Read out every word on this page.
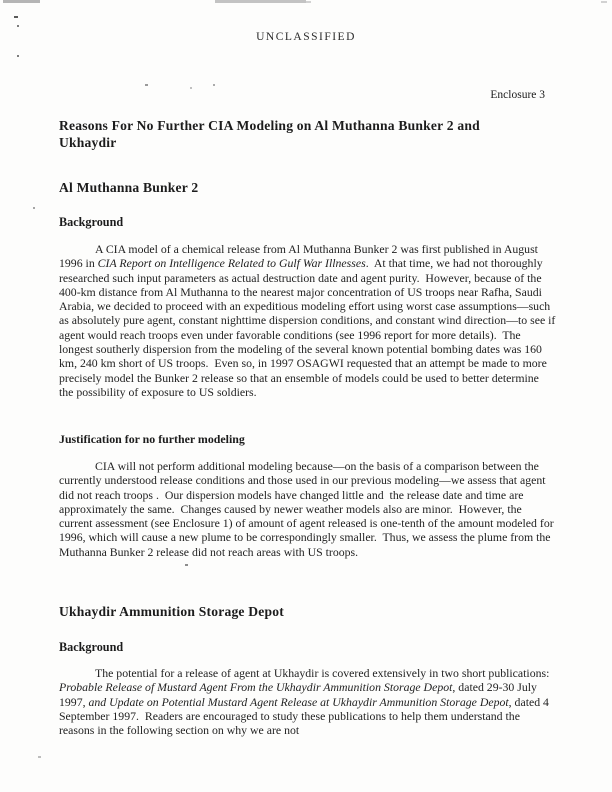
UNCLASSIFIED
Enclosure 3
Reasons For No Further CIA Modeling on Al Muthanna Bunker 2 and Ukhaydir
Al Muthanna Bunker 2
Background

A CIA model of a chemical release from Al Muthanna Bunker 2 was first published in August 1996 in CIA Report on Intelligence Related to Gulf War Illnesses.  At that time, we had not thoroughly researched such input parameters as actual destruction date and agent purity.  However, because of the 400-km distance from Al Muthanna to the nearest major concentration of US troops near Rafha, Saudi Arabia, we decided to proceed with an expeditious modeling effort using worst case assumptions—such as absolutely pure agent, constant nighttime dispersion conditions, and constant wind direction—to see if agent would reach troops even under favorable conditions (see 1996 report for more details).  The longest southerly dispersion from the modeling of the several known potential bombing dates was 160 km, 240 km short of US troops.  Even so, in 1997 OSAGWI requested that an attempt be made to more precisely model the Bunker 2 release so that an ensemble of models could be used to better determine the possibility of exposure to US soldiers.

Justification for no further modeling

CIA will not perform additional modeling because—on the basis of a comparison between the currently understood release conditions and those used in our previous modeling—we assess that agent did not reach troops .  Our dispersion models have changed little and  the release date and time are approximately the same.  Changes caused by newer weather models also are minor.  However, the current assessment (see Enclosure 1) of amount of agent released is one-tenth of the amount modeled for 1996, which will cause a new plume to be correspondingly smaller.  Thus, we assess the plume from the Muthanna Bunker 2 release did not reach areas with US troops.

Ukhaydir Ammunition Storage Depot
Background

The potential for a release of agent at Ukhaydir is covered extensively in two short publications: Probable Release of Mustard Agent From the Ukhaydir Ammunition Storage Depot, dated 29-30 July 1997, and Update on Potential Mustard Agent Release at Ukhaydir Ammunition Storage Depot, dated 4 September 1997.  Readers are encouraged to study these publications to help them understand the reasons in the following section on why we are not
